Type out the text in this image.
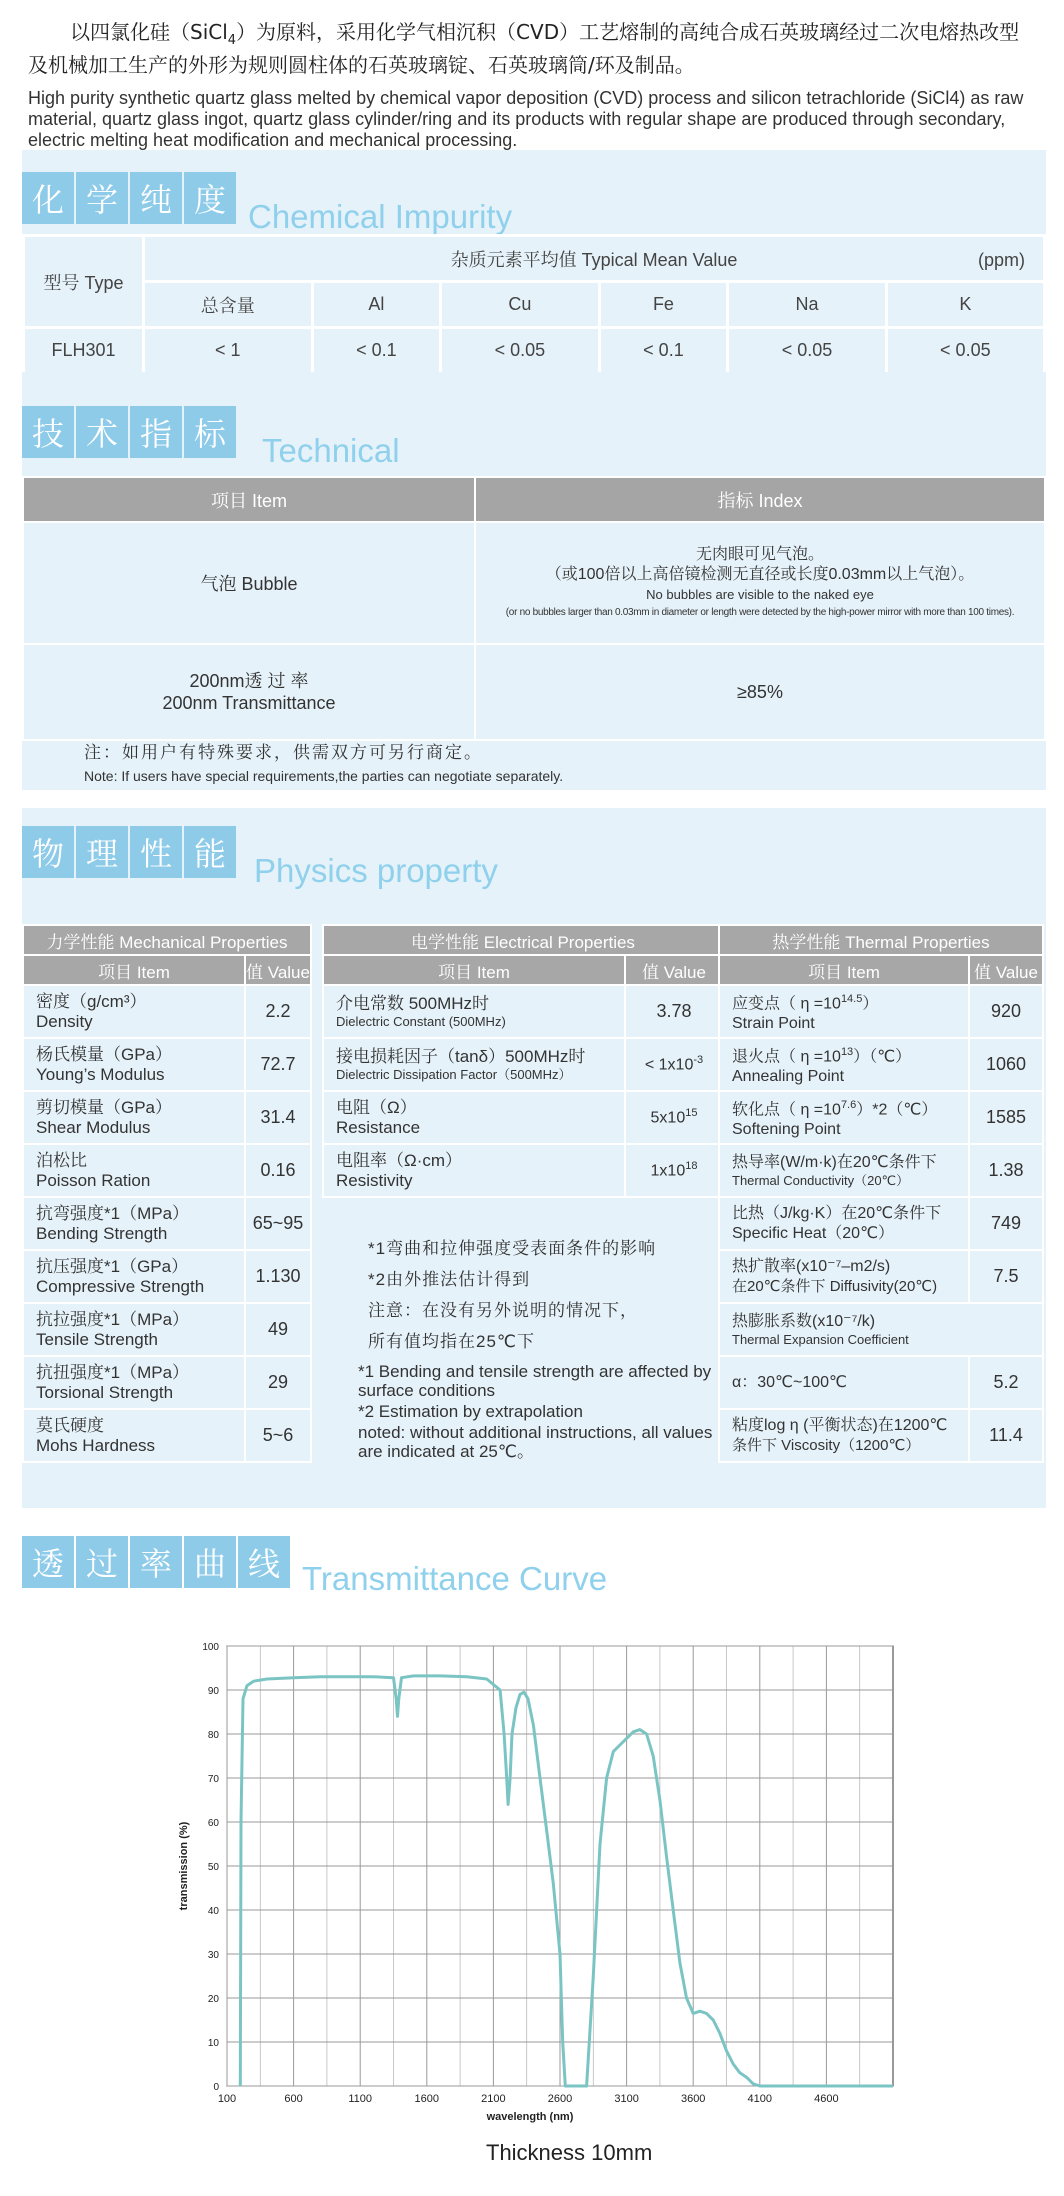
以四氯化硅（SiCl$_4$）为原料，采用化学气相沉积（CVD）工艺熔制的高纯合成石英玻璃经过二次电熔热改型及机械加工生产的外形为规则圆柱体的石英玻璃锭、石英玻璃筒/环及制品。

High purity synthetic quartz glass melted by chemical vapor deposition (CVD) process and silicon tetrachloride (SiCl4) as raw material, quartz glass ingot, quartz glass cylinder/ring and its products with regular shape are produced through secondary, electric melting heat modification and mechanical processing.

化 学 纯 度 Chemical Impurity
型号 Type	杂质元素平均值 Typical Mean Value (ppm)					

	总含量	Al	Cu	Fe	Na	K
FLH301	< 1	< 0.1	< 0.05	< 0.1	< 0.05	< 0.05
技 术 指 标	Technical
项目 Item	指标 Index
气泡 Bubble	无肉眼可见气泡。
（或100倍以上高倍镜检测无直径或长度0.03mm以上气泡）。
No bubbles are visible to the naked eye
(or no bubbles larger than 0.03mm in diameter or length were detected by the high-power mirror with more than 100 times).

200nm透 过 率
200nm Transmittance	≥85%
注：如用户有特殊要求，供需双方可另行商定。
Note: If users have special requirements,the parties can negotiate separately.
物 理 性 能 Physics property
力学性能 Mechanical Properties	
项目 Item	值 Value

密度（g/cm³）
Density	2.2

杨氏模量（GPa）
Young’s Modulus	72.7

剪切模量（GPa）
Shear Modulus	31.4

泊松比
Poisson Ration	0.16

抗弯强度*1（MPa）
Bending Strength	65~95

抗压强度*1（GPa）
Compressive Strength	1.130

抗拉强度*1（MPa）
Tensile Strength	49

抗扭强度*1（MPa）
Torsional Strength	29

莫氏硬度
Mohs Hardness	5~6
电学性能 Electrical Properties	
项目 Item	值 Value

介电常数 500MHz时
Dielectric Constant (500MHz)	3.78

接电损耗因子（tanδ）500MHz时
Dielectric Dissipation Factor（500MHz）	< $1x10^{-3}$

电阻（Ω）
Resistance	$5x10^{15}$

电阻率（Ω·cm）
Resistivity	$1x10^{18}$

*1弯曲和拉伸强度受表面条件的影响

*2由外推法估计得到

注意：在没有另外说明的情况下，

所有值均指在25℃下

*1 Bending and tensile strength are affected by surface conditions

*2 Estimation by extrapolation

noted: without additional instructions, all values are indicated at 25℃。

热学性能 Thermal Properties	
项目 Item	值 Value

应变点（ $\eta =10^{14.5}$）
Strain Point	920

退火点（ $\eta =10^{13})(℃)$
Annealing Point	1060

软化点（ $\eta =10^{7.6})*2(℃)$
Softening Point	1585

热导率(W/m·k)在20℃条件下
Thermal Conductivity（20℃）	1.38

比热（J/kg·K）在20℃条件下
Specific Heat（20℃）	749

热扩散率(x10⁻⁷–m2/s)
在20℃条件下 Diffusivity(20℃)	7.5

热膨胀系数(x10⁻⁷/k)
Thermal Expansion Coefficient	

α：30℃~100℃	5.2

粘度log η (平衡状态)在1200℃
条件下 Viscosity（1200℃）	11.4
透 过 率 曲 线 Transmittance Curve
100	600	1100	1600	2100	2600	3100	3600	4100	4600
0
10
20
30
40
50
60
70
80
90
100
wavelength (nm)
transmission (%)
Thickness 10mm
